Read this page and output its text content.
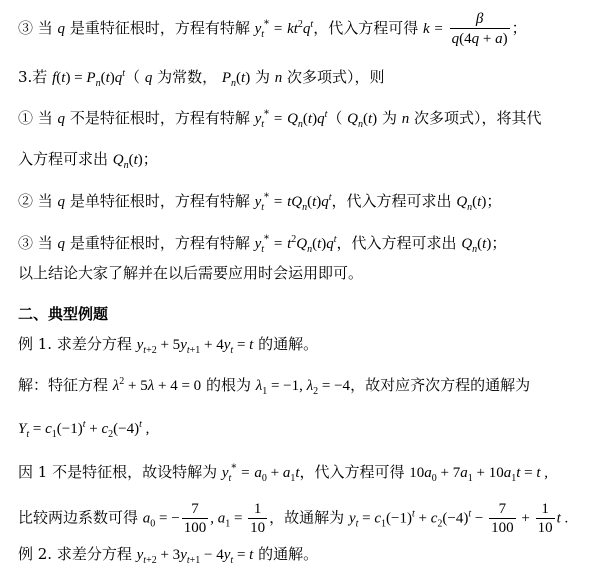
③ 当 q 是重特征根时，方程有特解 $y_t^* = kt^2q^t$，代入方程可得 $k = \frac{\beta}{q(4q + a)}$ ；
3.若 $f(t) = P_n(t)q^t$（ q 为常数， $P_n(t)$ 为 n 次多项式），则
① 当 q 不是特征根时，方程有特解 $y_t^* = Q_n(t)q^t$（ $Q_n(t)$ 为 n 次多项式），将其代
入方程可求出 $Q_n(t)$；
② 当 q 是单特征根时，方程有特解 $y_t^* = tQ_n(t)q^t$，代入方程可求出 $Q_n(t)$；
③ 当 q 是重特征根时，方程有特解 $y_t^* = t^2Q_n(t)q^t$，代入方程可求出 $Q_n(t)$；
以上结论大家了解并在以后需要应用时会运用即可。
二、典型例题
例 1. 求差分方程 $y_{t+2} + 5y_{t+1} + 4y_t = t$ 的通解。
解：特征方程 $\lambda^2 + 5\lambda + 4 = 0$ 的根为 $\lambda_1 = -1$, $\lambda_2 = -4$，故对应齐次方程的通解为
$Y_t = c_1(-1)^t + c_2(-4)^t$ ,
因 1 不是特征根，故设特解为 $y_t^* = a_0 + a_1t$，代入方程可得 $10a_0 + 7a_1 + 10a_1t = t$ ,
比较两边系数可得 $a_0$ = − $\frac{7}{100}$ , $a_1 = \frac{1}{10}$ ，故通解为 $y_t = c_1(-1)^t + c_2(-4)^t - \frac{7}{100} + \frac{1}{10}$ t .
例 2. 求差分方程 $y_{t+2} + 3y_{t+1} - 4y_t = t$ 的通解。
